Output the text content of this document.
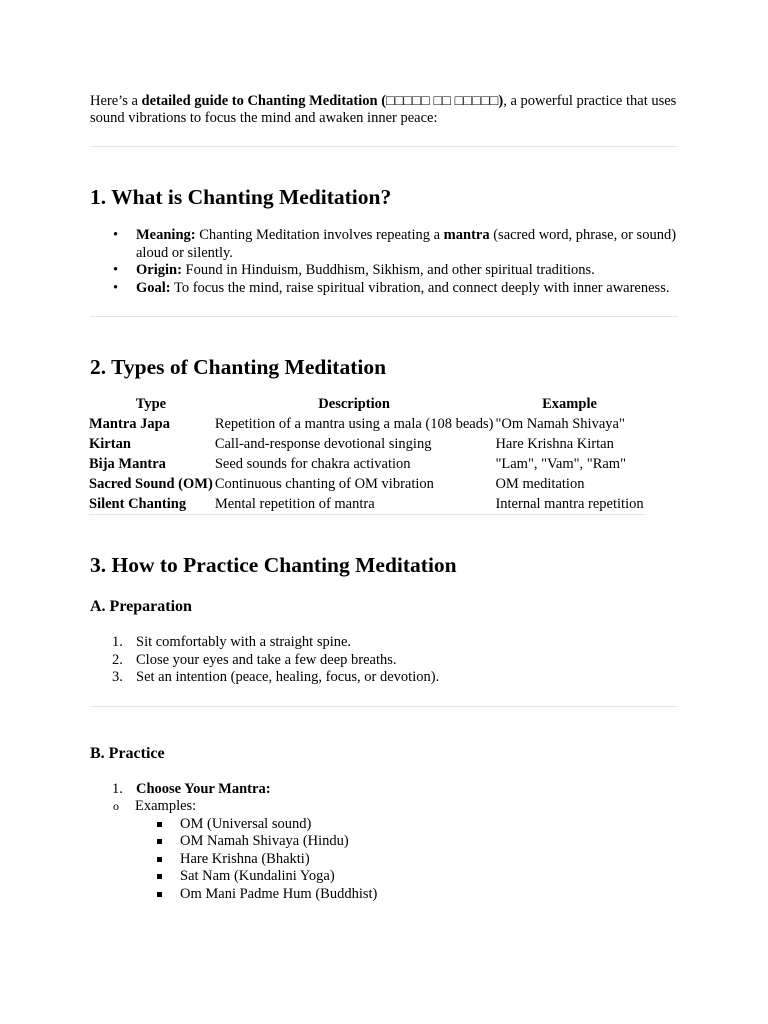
Here’s a detailed guide to Chanting Meditation (□□□□□ □□ □□□□□), a powerful practice that uses sound vibrations to focus the mind and awaken inner peace:

1. What is Chanting Meditation?
• Meaning: Chanting Meditation involves repeating a mantra (sacred word, phrase, or sound) aloud or silently.
• Origin: Found in Hinduism, Buddhism, Sikhism, and other spiritual traditions.
• Goal: To focus the mind, raise spiritual vibration, and connect deeply with inner awareness.
2. Types of Chanting Meditation
Type	Description	Example
Mantra Japa	Repetition of a mantra using a mala (108 beads)	"Om Namah Shivaya"
Kirtan	Call-and-response devotional singing	Hare Krishna Kirtan
Bija Mantra	Seed sounds for chakra activation	"Lam", "Vam", "Ram"
Sacred Sound (OM)	Continuous chanting of OM vibration	OM meditation
Silent Chanting	Mental repetition of mantra	Internal mantra repetition
3. How to Practice Chanting Meditation
A. Preparation
1. Sit comfortably with a straight spine.
2. Close your eyes and take a few deep breaths.
3. Set an intention (peace, healing, focus, or devotion).
B. Practice
1. Choose Your Mantra:
o Examples:
OM (Universal sound)
OM Namah Shivaya (Hindu)
Hare Krishna (Bhakti)
Sat Nam (Kundalini Yoga)
Om Mani Padme Hum (Buddhist)
